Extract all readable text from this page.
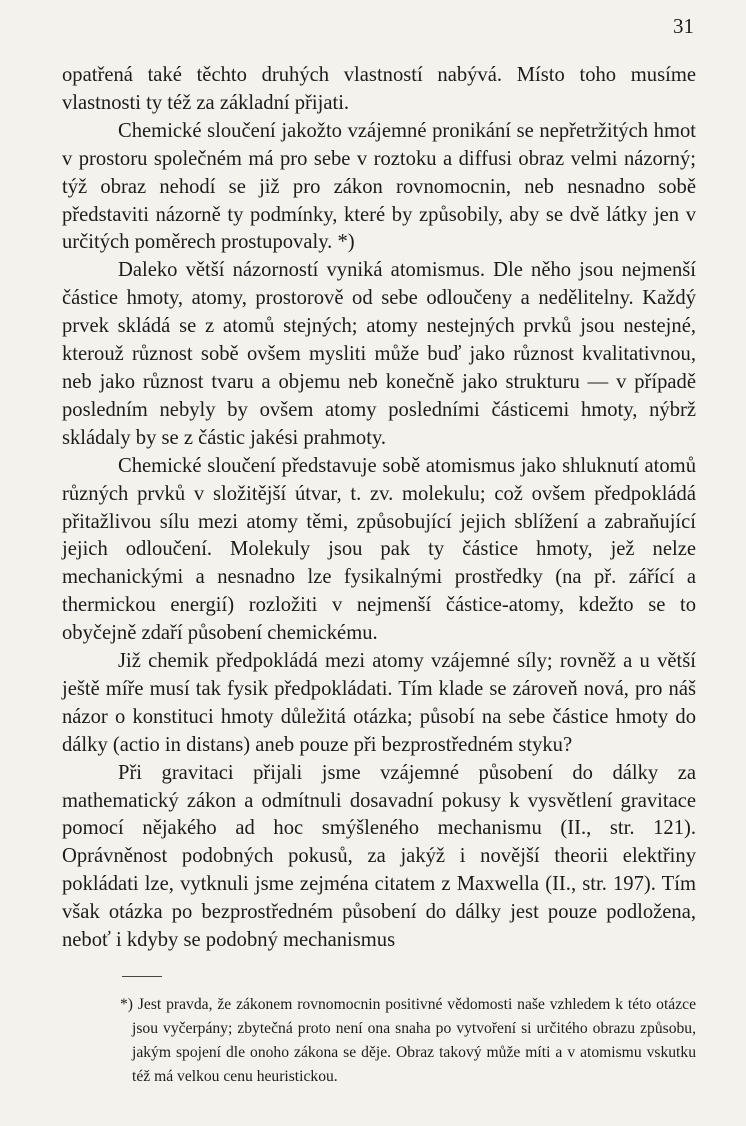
31

opatřená také těchto druhých vlastností nabývá. Místo toho musíme vlastnosti ty též za základní přijati.

Chemické sloučení jakožto vzájemné pronikání se nepřetržitých hmot v prostoru společném má pro sebe v roztoku a diffusi obraz velmi názorný; týž obraz nehodí se již pro zákon rovnomocnin, neb nesnadno sobě představiti názorně ty podmínky, které by způsobily, aby se dvě látky jen v určitých poměrech prostupovaly. *)

Daleko větší názorností vyniká atomismus. Dle něho jsou nejmenší částice hmoty, atomy, prostorově od sebe odloučeny a nedělitelny. Každý prvek skládá se z atomů stejných; atomy nestejných prvků jsou nestejné, kterouž různost sobě ovšem mysliti může buď jako různost kvalitativnou, neb jako různost tvaru a objemu neb konečně jako strukturu — v případě posledním nebyly by ovšem atomy posledními částicemi hmoty, nýbrž skládaly by se z částic jakési prahmoty.

Chemické sloučení představuje sobě atomismus jako shluknutí atomů různých prvků v složitější útvar, t. zv. molekulu; což ovšem předpokládá přitažlivou sílu mezi atomy těmi, způsobující jejich sblížení a zabraňující jejich odloučení. Molekuly jsou pak ty částice hmoty, jež nelze mechanickými a nesnadno lze fysikalnými prostředky (na př. zářící a thermickou energií) rozložiti v nejmenší částice-atomy, kdežto se to obyčejně zdaří působení chemickému.

Již chemik předpokládá mezi atomy vzájemné síly; rovněž a u větší ještě míře musí tak fysik předpokládati. Tím klade se zároveň nová, pro náš názor o konstituci hmoty důležitá otázka; působí na sebe částice hmoty do dálky (actio in distans) aneb pouze při bezprostředném styku?

Při gravitaci přijali jsme vzájemné působení do dálky za mathematický zákon a odmítnuli dosavadní pokusy k vysvětlení gravitace pomocí nějakého ad hoc smýšleného mechanismu (II., str. 121). Oprávněnost podobných pokusů, za jakýž i novější theorii elektřiny pokládati lze, vytknuli jsme zejména citatem z Maxwella (II., str. 197). Tím však otázka po bezprostředném působení do dálky jest pouze podložena, neboť i kdyby se podobný mechanismus

*) Jest pravda, že zákonem rovnomocnin positivné vědomosti naše vzhledem k této otázce jsou vyčerpány; zbytečná proto není ona snaha po vytvoření si určitého obrazu způsobu, jakým spojení dle onoho zákona se děje. Obraz takový může míti a v atomismu vskutku též má velkou cenu heuristickou.
